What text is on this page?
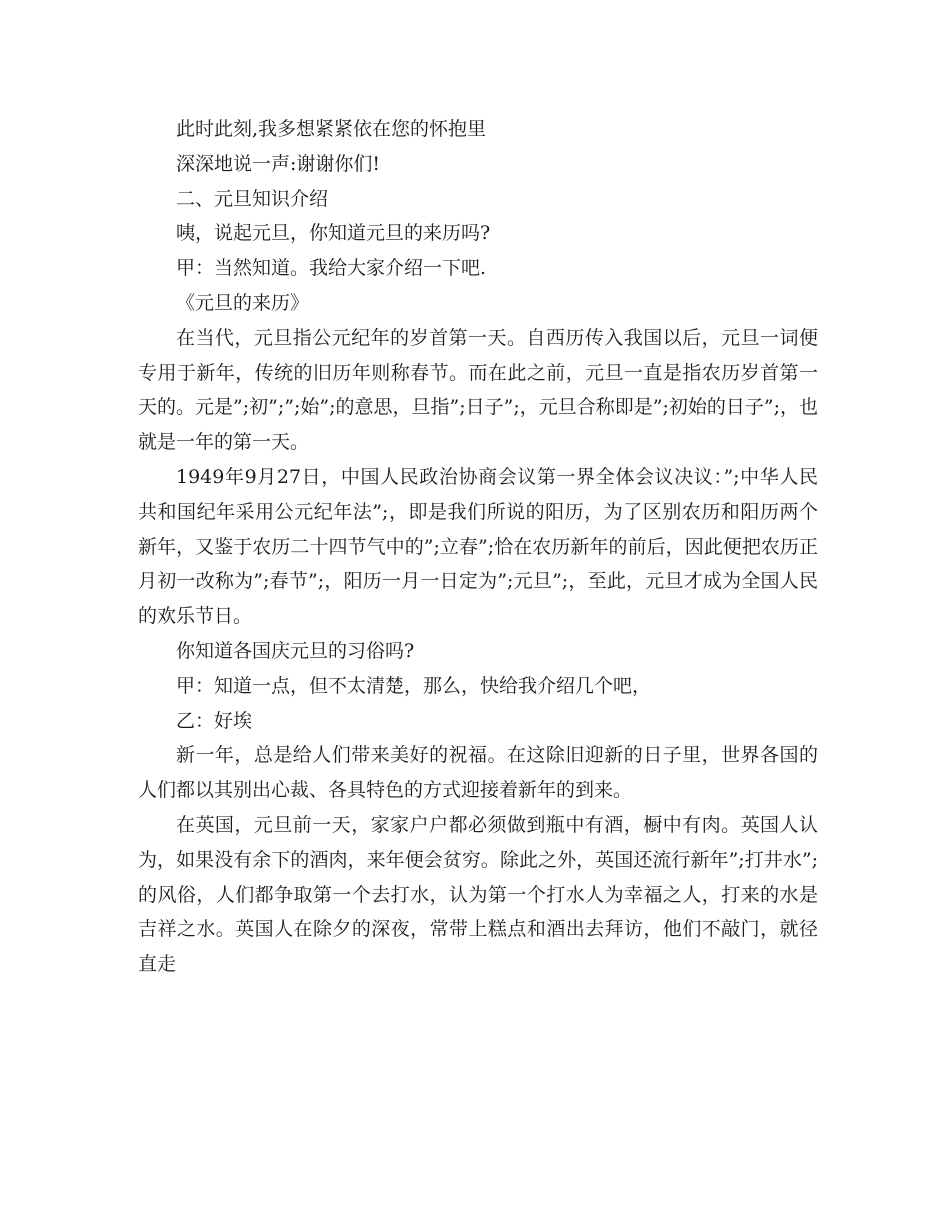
此时此刻,我多想紧紧依在您的怀抱里

深深地说一声:谢谢你们!

二、元旦知识介绍

咦，说起元旦，你知道元旦的来历吗?

甲：当然知道。我给大家介绍一下吧.

《元旦的来历》

在当代，元旦指公元纪年的岁首第一天。自西历传入我国以后，元旦一词便专用于新年，传统的旧历年则称春节。而在此之前，元旦一直是指农历岁首第一天的。元是”;初”;”;始”;的意思，旦指”;日子”;，元旦合称即是”;初始的日子”;，也就是一年的第一天。

1949年9月27日，中国人民政治协商会议第一界全体会议决议：”;中华人民共和国纪年采用公元纪年法”;，即是我们所说的阳历，为了区别农历和阳历两个新年，又鉴于农历二十四节气中的”;立春”;恰在农历新年的前后，因此便把农历正月初一改称为”;春节”;，阳历一月一日定为”;元旦”;，至此，元旦才成为全国人民的欢乐节日。

你知道各国庆元旦的习俗吗?

甲：知道一点，但不太清楚，那么，快给我介绍几个吧，

乙：好埃

新一年，总是给人们带来美好的祝福。在这除旧迎新的日子里，世界各国的人们都以其别出心裁、各具特色的方式迎接着新年的到来。

在英国，元旦前一天，家家户户都必须做到瓶中有酒，橱中有肉。英国人认为，如果没有余下的酒肉，来年便会贫穷。除此之外，英国还流行新年”;打井水”;的风俗，人们都争取第一个去打水，认为第一个打水人为幸福之人，打来的水是吉祥之水。英国人在除夕的深夜，常带上糕点和酒出去拜访，他们不敲门，就径直走
